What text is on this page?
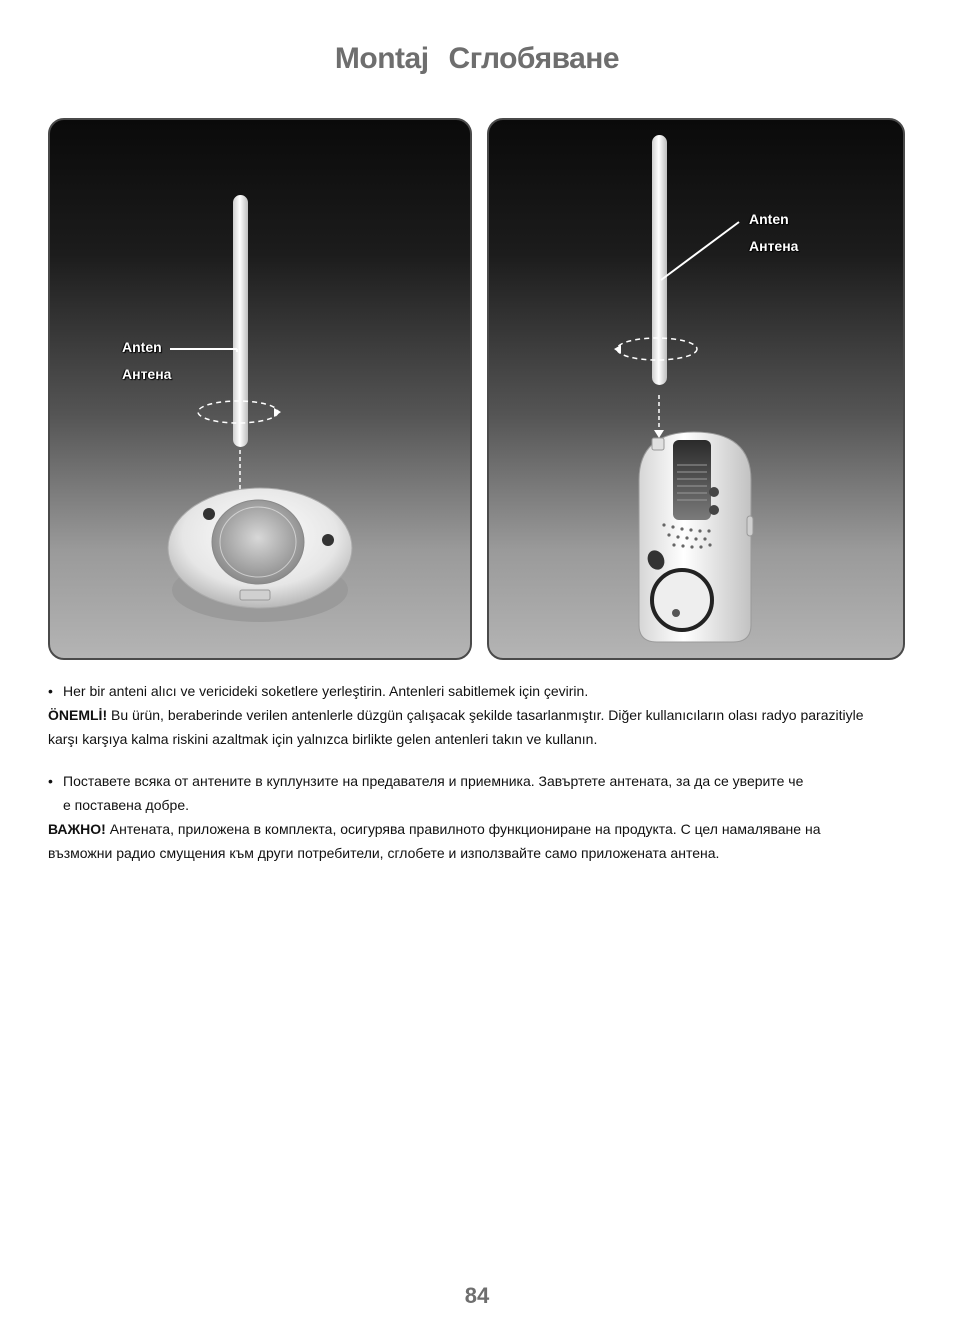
Montaj Сглобяване
Anten
Антена
Anten
Антена

• Her bir anteni alıcı ve vericideki soketlere yerleştirin. Antenleri sabitlemek için çevirin.

ÖNEMLİ! Bu ürün, beraberinde verilen antenlerle düzgün çalışacak şekilde tasarlanmıştır. Diğer kullanıcıların olası radyo parazitiyle

karşı karşıya kalma riskini azaltmak için yalnızca birlikte gelen antenleri takın ve kullanın.

• Поставете всяка от антените в куплунзите на предавателя и приемника. Завъртете антената, за да се уверите че

е поставена добре.

ВАЖНО! Антената, приложена в комплекта, осигурява правилното функциониране на продукта. С цел намаляване на

възможни радио смущения към други потребители, сглобете и използвайте само приложената антена.

84
